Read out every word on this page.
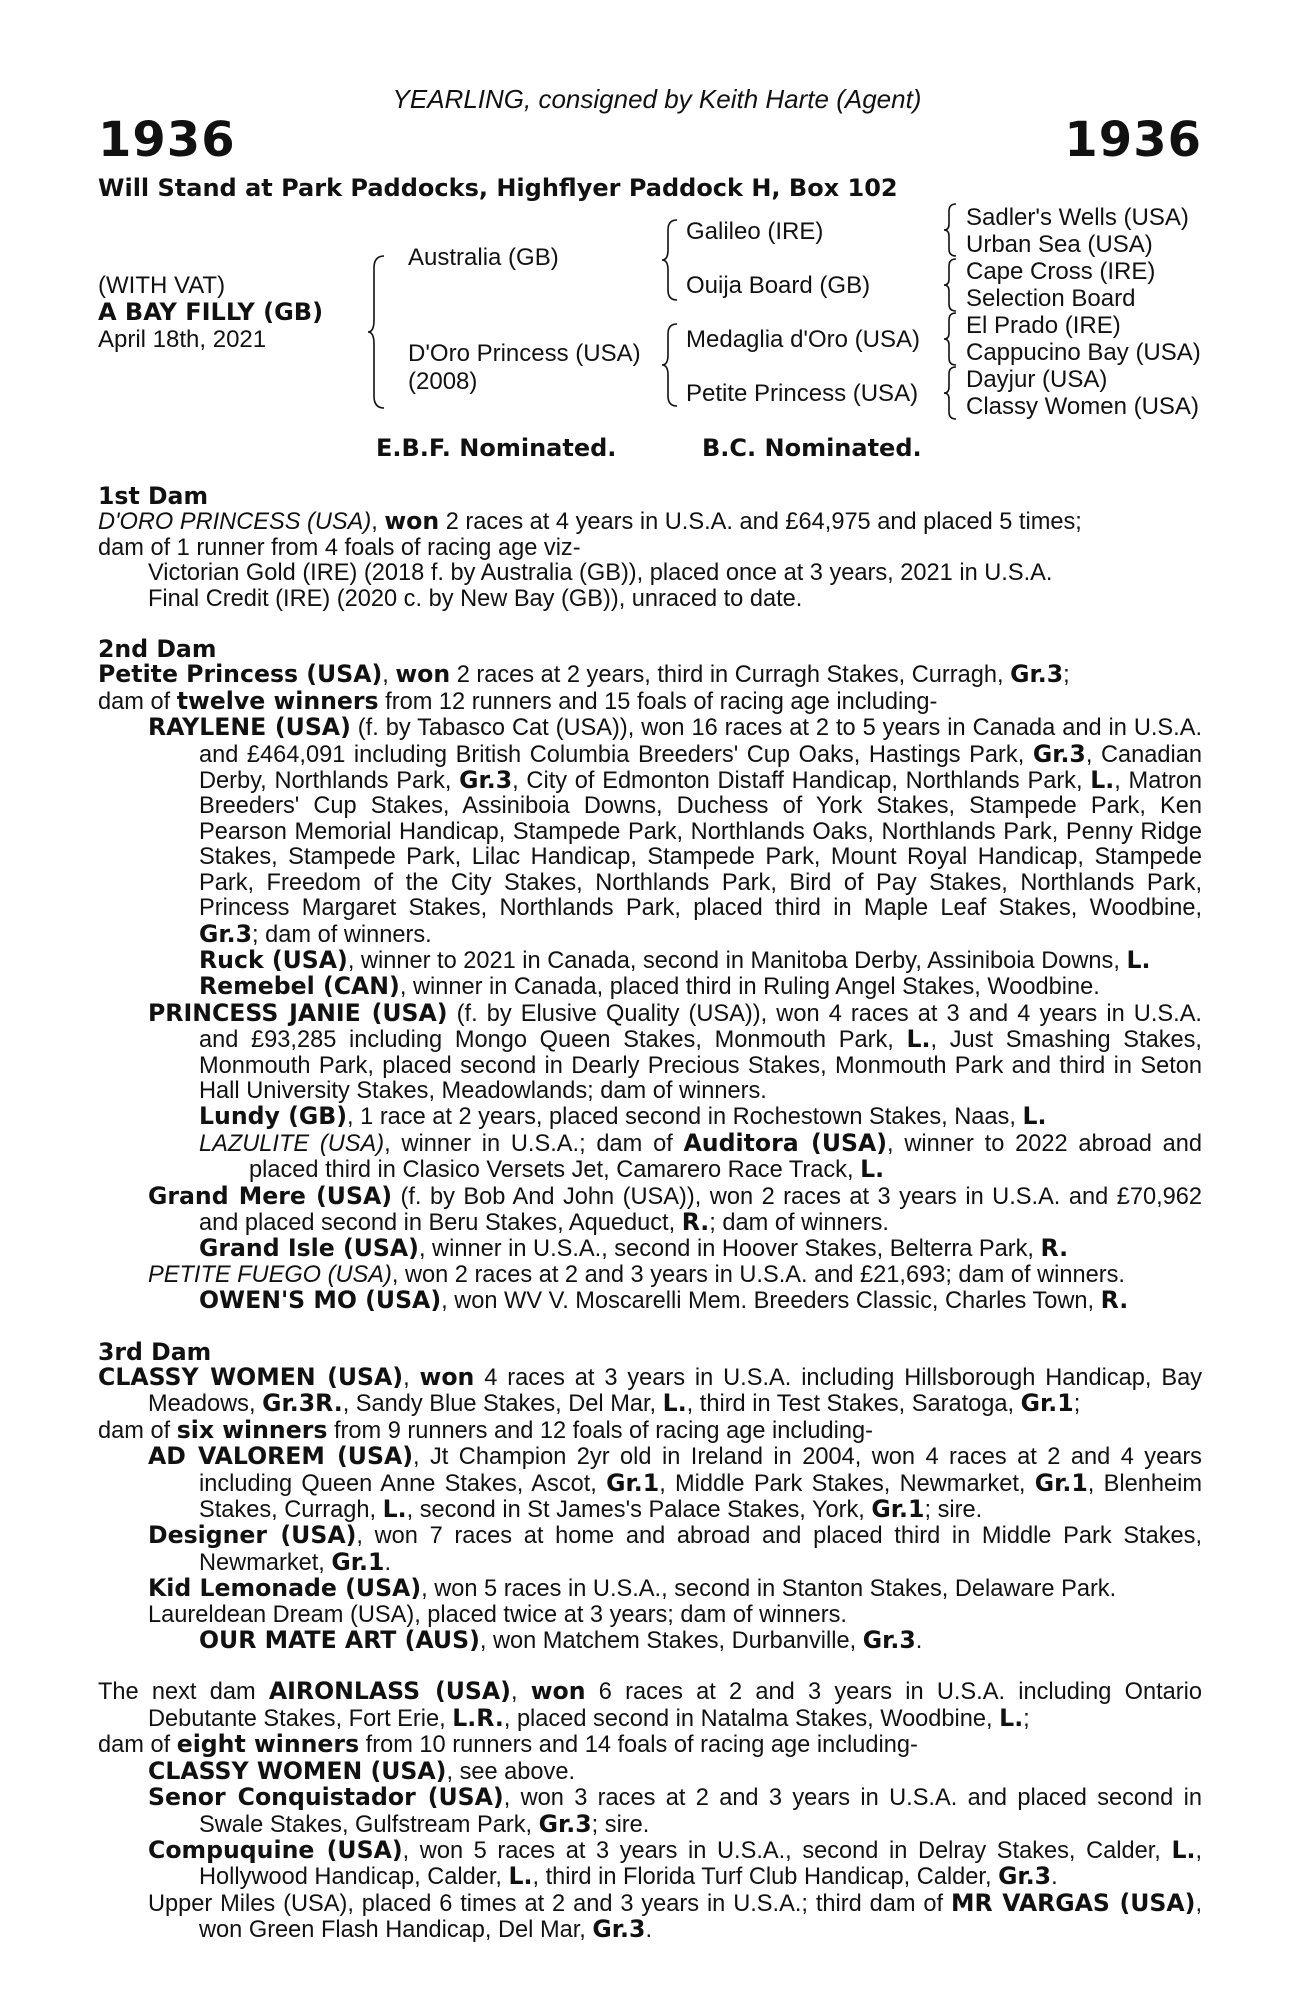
YEARLING, consigned by Keith Harte (Agent)
1936	1936
Will Stand at Park Paddocks, Highflyer Paddock H, Box 102
(WITH VAT)
A BAY FILLY (GB)
April 18th, 2021
Australia (GB)
D'Oro Princess (USA)
(2008)
Galileo (IRE)
Ouija Board (GB)
Medaglia d'Oro (USA)
Petite Princess (USA)
Sadler's Wells (USA)
Urban Sea (USA)
Cape Cross (IRE)
Selection Board
El Prado (IRE)
Cappucino Bay (USA)
Dayjur (USA)
Classy Women (USA)
E.B.F. Nominated.	B.C. Nominated.
1st Dam
D'ORO PRINCESS (USA), won 2 races at 4 years in U.S.A. and £64,975 and placed 5 times;
dam of 1 runner from 4 foals of racing age viz-
Victorian Gold (IRE) (2018 f. by Australia (GB)), placed once at 3 years, 2021 in U.S.A.
Final Credit (IRE) (2020 c. by New Bay (GB)), unraced to date.
2nd Dam
Petite Princess (USA), won 2 races at 2 years, third in Curragh Stakes, Curragh, Gr.3;
dam of twelve winners from 12 runners and 15 foals of racing age including-
RAYLENE (USA) (f. by Tabasco Cat (USA)), won 16 races at 2 to 5 years in Canada and in U.S.A. and £464,091 including British Columbia Breeders' Cup Oaks, Hastings Park, Gr.3, Canadian Derby, Northlands Park, Gr.3, City of Edmonton Distaff Handicap, Northlands Park, L., Matron Breeders' Cup Stakes, Assiniboia Downs, Duchess of York Stakes, Stampede Park, Ken Pearson Memorial Handicap, Stampede Park, Northlands Oaks, Northlands Park, Penny Ridge Stakes, Stampede Park, Lilac Handicap, Stampede Park, Mount Royal Handicap, Stampede Park, Freedom of the City Stakes, Northlands Park, Bird of Pay Stakes, Northlands Park, Princess Margaret Stakes, Northlands Park, placed third in Maple Leaf Stakes, Woodbine, Gr.3; dam of winners.
Ruck (USA), winner to 2021 in Canada, second in Manitoba Derby, Assiniboia Downs, L.
Remebel (CAN), winner in Canada, placed third in Ruling Angel Stakes, Woodbine.
PRINCESS JANIE (USA) (f. by Elusive Quality (USA)), won 4 races at 3 and 4 years in U.S.A. and £93,285 including Mongo Queen Stakes, Monmouth Park, L., Just Smashing Stakes, Monmouth Park, placed second in Dearly Precious Stakes, Monmouth Park and third in Seton Hall University Stakes, Meadowlands; dam of winners.
Lundy (GB), 1 race at 2 years, placed second in Rochestown Stakes, Naas, L.
LAZULITE (USA), winner in U.S.A.; dam of Auditora (USA), winner to 2022 abroad and placed third in Clasico Versets Jet, Camarero Race Track, L.
Grand Mere (USA) (f. by Bob And John (USA)), won 2 races at 3 years in U.S.A. and £70,962 and placed second in Beru Stakes, Aqueduct, R.; dam of winners.
Grand Isle (USA), winner in U.S.A., second in Hoover Stakes, Belterra Park, R.
PETITE FUEGO (USA), won 2 races at 2 and 3 years in U.S.A. and £21,693; dam of winners.
OWEN'S MO (USA), won WV V. Moscarelli Mem. Breeders Classic, Charles Town, R.
3rd Dam
CLASSY WOMEN (USA), won 4 races at 3 years in U.S.A. including Hillsborough Handicap, Bay Meadows, Gr.3R., Sandy Blue Stakes, Del Mar, L., third in Test Stakes, Saratoga, Gr.1;
dam of six winners from 9 runners and 12 foals of racing age including-
AD VALOREM (USA), Jt Champion 2yr old in Ireland in 2004, won 4 races at 2 and 4 years including Queen Anne Stakes, Ascot, Gr.1, Middle Park Stakes, Newmarket, Gr.1, Blenheim Stakes, Curragh, L., second in St James's Palace Stakes, York, Gr.1; sire.
Designer (USA), won 7 races at home and abroad and placed third in Middle Park Stakes, Newmarket, Gr.1.
Kid Lemonade (USA), won 5 races in U.S.A., second in Stanton Stakes, Delaware Park.
Laureldean Dream (USA), placed twice at 3 years; dam of winners.
OUR MATE ART (AUS), won Matchem Stakes, Durbanville, Gr.3.
The next dam AIRONLASS (USA), won 6 races at 2 and 3 years in U.S.A. including Ontario Debutante Stakes, Fort Erie, L.R., placed second in Natalma Stakes, Woodbine, L.;
dam of eight winners from 10 runners and 14 foals of racing age including-
CLASSY WOMEN (USA), see above.
Senor Conquistador (USA), won 3 races at 2 and 3 years in U.S.A. and placed second in Swale Stakes, Gulfstream Park, Gr.3; sire.
Compuquine (USA), won 5 races at 3 years in U.S.A., second in Delray Stakes, Calder, L., Hollywood Handicap, Calder, L., third in Florida Turf Club Handicap, Calder, Gr.3.
Upper Miles (USA), placed 6 times at 2 and 3 years in U.S.A.; third dam of MR VARGAS (USA), won Green Flash Handicap, Del Mar, Gr.3.
